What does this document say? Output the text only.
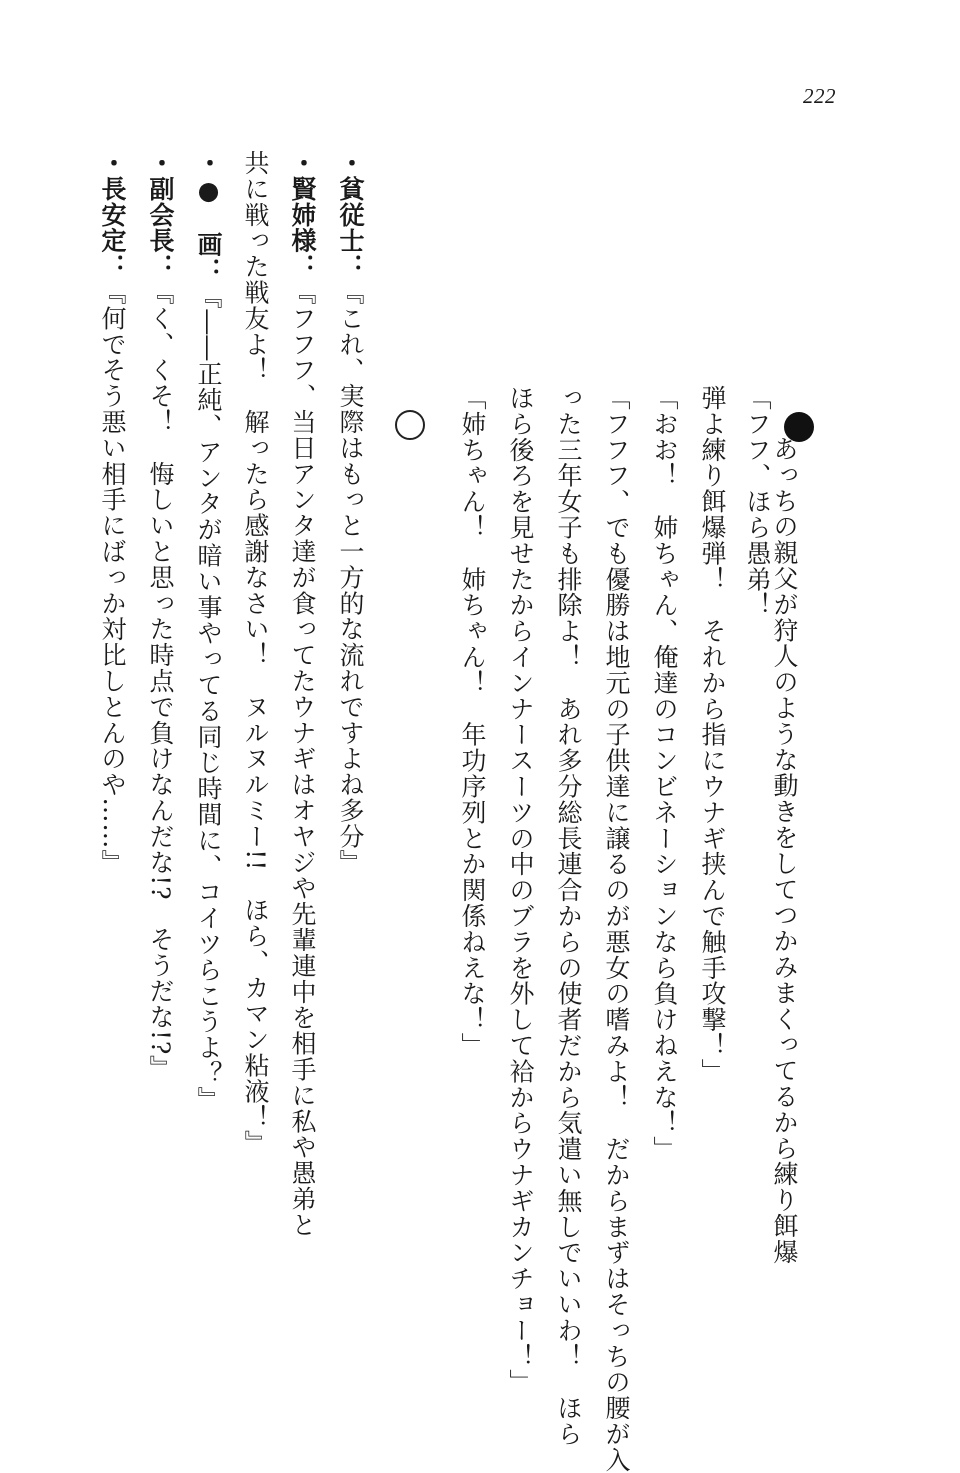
222
あっちの親父が狩人のような動きをしてつかみまくってるから練り餌爆
「フフ、ほら愚弟！
弾よ練り餌爆弾！　それから指にウナギ挟んで触手攻撃！」
「おお！　姉ちゃん、俺達のコンビネーションなら負けねえな！」
「フフフ、でも優勝は地元の子供達に譲るのが悪女の嗜みよ！　だからまずはそっちの腰が入
った三年女子も排除よ！　あれ多分総長連合からの使者だから気遣い無しでいいわ！　ほら
ほら後ろを見せたからインナースーツの中のブラを外して袷からウナギカンチョー！」
「姉ちゃん！　姉ちゃん！　年功序列とか関係ねえな！」
・貧従士：『これ、実際はもっと一方的な流れですよね多分』
・賢姉様：『フフフ、当日アンタ達が食ってたウナギはオヤジや先輩連中を相手に私や愚弟と
共に戦った戦友よ！　解ったら感謝なさい！　ヌルヌルミー!!　ほら、カマン粘液！』
・●　画：『――正純、アンタが暗い事やってる同じ時間に、コイツらこうよ？』
・副会長：『く、くそ！　悔しいと思った時点で負けなんだな!?　そうだな!?』
・長安定：『何でそう悪い相手にばっか対比しとんのや……』
